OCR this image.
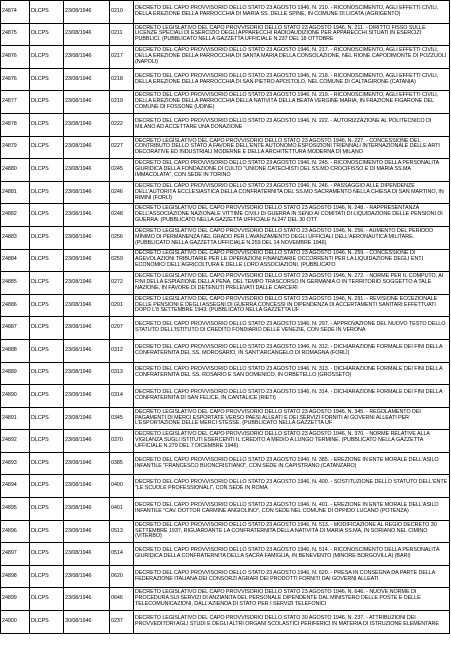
24874	DLCPS	23/08/1946	0210	DECRETO DEL CAPO PROVVISORIO DELLO STATO 23 AGOSTO 1946, N. 210. - RICONOSCIMENTO, AGLI EFFETTI CIVILI, DELLA EREZIONE DELLA PARROCCHIA DI MARIA SS. DELLE SPINE, IN COMUNE DI LICATA (AGRIGENTO)
24875	DLCPS	23/08/1946	0211	DECRETO LEGISLATIVO DEL CAPO PROVVISORIO DELLO STATO 23 AGOSTO 1946, N. 211. - DIRITTO FISSO SULLE LICENZE SPECIALI DI ESERCIZIO DEGLI APPARECCHI RADIOAUDIZIONE PER APPARECCHI SITUATI IN ESERCIZI PUBBLICI. (PUBBLICATO NELLA GAZZETTA UFFICIALE N.237 DEL 18 OTTOBRE
24876	DLCPS	23/08/1946	0217	DECRETO DEL CAPO PROVVISORIO DELLO STATO 23 AGOSTO 1946, N. 217. - RICONOSCIMENTO, AGLI EFFETTI CIVILI, DELLA EREZIONE DELLA PARROCCHIA DI SANTA MARIA DELLA CONSOLAZIONE, NEL RIONE CAPODIMONTE DI POZZUOLI (NAPOLI)
24876	DLCPS	23/08/1946	0218	DECRETO DEL CAPO PROVVISORIO DELLO STATO 23 AGOSTO 1946, N. 218. - RICONOSCIMENTO, AGLI EFFETTI CIVILI, DELLA EREZIONE DELLA PARROCCHIA DI SAN PIETRO APOSTOLO, NEL COMUNE DI CALTAGIRONE (CATANIA)
24877	DLCPS	23/08/1946	0219	DECRETO DEL CAPO PROVVISORIO DELLO STATO 23 AGOSTO 1946, N. 219. - RICONOSCIMENTO, AGLI EFFETTI CIVILI, DELLA EREZIONE DELLA PARROCCHIA DELLA NATIVITÀ DELLA BEATA VERGINE MARIA, IN FRAZIONE FIGARONE DEL COMUNE DI FOSSONE (UDINE)
24878	DLCPS	23/08/1946	0222	DECRETO DEL CAPO PROVVISORIO DELLO STATO 23 AGOSTO 1946, N. 222. - AUTORIZZAZIONE AL POLITECNICO DI MILANO AD ACCETTARE UNA DONAZIONE
24879	DLCPS	23/08/1946	0227	DECRETO LEGISLATIVO DEL CAPO PROVVISORIO DELLO STATO 23 AGOSTO 1946, N. 227. - CONCESSIONE DEL CONTRIBUTO DELLO STATO A FAVORE DELL'ENTE AUTONOMO ESPOSIZIONI TRIENNALI INTERNAZIONALE DELLE ARTI DECORATIVE ED INDUSTRIALI MODERNE E DELLA ARCHITETTURA MODERNA DI MILANO
24880	DLCPS	23/08/1946	0245	DECRETO DEL CAPO PROVVISORIO DELLO STATO 23 AGOSTO 1946, N. 245. - RICONOSCIMENTO DELLA PERSONALITA GIURIDICA DELLA FONDAZIONE DI CULTO "UNIONE CATECHISTI DEL SS.MO CROCIFISSO E DI MARIA SS.MA IMMACOLATA", CON SEDE IN TORINO
24881	DLCPS	23/08/1946	0246	DECRETO DEL CAPO PROVVISORIO DELLO STATO 23 AGOSTO 1946, N. 246. - PASSAGGIO ALLE DIPENDENZE DELL'AUTORITÀ ECCLESIASTICA DELLA CONFRATERNITA DEL SS.MO SACRAMENTO NELLA CHIESA DI SAN MARTINO, IN RIMINI (FORLÌ)
24882	DLCPS	23/08/1946	0248	DECRETO LEGISLATIVO DEL CAPO PROVVISORIO DELLO STATO 23 AGOSTO 1946, N. 248. - RAPPRESENTANZA DELL'ASSOCIAZIONE NAZIONALE VITTIME CIVILI DI GUERRA IN SENO AI COMITATI DI LIQUIDAZIONE DELLE PENSIONI DI GUERRA. (PUBBLICATO NELLA GAZZETTA UFFICIALE N.247 DEL 30 OTT
24883	DLCPS	23/08/1946	0256	DECRETO LEGISLATIVO DEL CAPO PROVVISORIO DELLO STATO 23 AGOSTO 1946, N. 256. - AUMENTO DEL PERIODO MINIMO DI PERMANENZA NEL GRADO PER L'AVANZAMENTO DEGLI UFFICIALI DELL'AERONAUTICA MILITARE. (PUBBLICATO NELLA GAZZETTA UFFICIALE N.259 DEL 14 NOVEMBRE 1946)
24884	DLCPS	23/08/1946	0259	DECRETO LEGISLATIVO DEL CAPO PROVVISORIO DELLO STATO 23 AGOSTO 1946, N. 259. - CONCESSIONE DI AGEVOLAZIONI TRIBUTARIE PER LE OPERAZIONI FINANZIARIE OCCORRENTI PER LA LIQUIDAZIONE DEGLI ENTI ECONOMICI DELL'AGRICOLTURA E DELLE LORO ASSOCIAZIONI. (PUBBLICATO
24885	DLCPS	23/08/1946	0272	DECRETO LEGISLATIVO DEL CAPO PROVVISORIO DELLO STATO 23 AGOSTO 1946, N. 272. - NORME PER IL COMPUTO, AI FINI DELLA ESPIAZIONE DELLA PENA, DEL TEMPO TRASCORSO IN GERMANIA O IN TERRITORIO SOGGETTO A TALE NAZIONE, IN FAVORE DI DETENUTI PRELEVATI DALLE CARCERI
24886	DLCPS	23/08/1946	0291	DECRETO LEGISLATIVO DEL CAPO PROVVISORIO DELLO STATO 23 AGOSTO 1946, N. 291. - REVISIONE ECCEZIONALE DELLE PENSIONI E DEGLI ASSEGNI DI GUERRA CONCESSI IN DIPENDENZA DI ACCERTAMENTI SANITARI EFFETTUATI DOPO L'8 SETTEMBRE 1943. (PUBBLICATO NELLA GAZZETTA UF
24887	DLCPS	23/08/1946	0297	DECRETO DEL CAPO PROVVISORIO DELLO STATO 23 AGOSTO 1946, N. 297. - APPROVAZIONE DEL NUOVO TESTO DELLO STATUTO DELL'ISTITUTO DI CREDITO FONDIARIO DELLE VENEZIE, CON SEDE IN VERONA
24888	DLCPS	23/08/1946	0312	DECRETO DEL CAPO PROVVISORIO DELLO STATO 23 AGOSTO 1946, N. 312. - DICHIARAZIONE FORMALE DEI FINI DELLA CONFRATERNITA DEL SS. MOROSARIO, IN SANT'ARCANGELO DI ROMAGNA (FORLÌ)
24889	DLCPS	23/08/1946	0313	DECRETO DEL CAPO PROVVISORIO DELLO STATO 23 AGOSTO 1946, N. 313. - DICHIARAZIONE FORMALE DEI FINI DELLA CONFRATERNITA DEL SS. ROSARIO E SAN DOMENICO, IN ORBETELLO (GROSSETO)
24890	DLCPS	23/08/1946	0314	DECRETO DEL CAPO PROVVISORIO DELLO STATO 23 AGOSTO 1946, N. 314. - DICHIARAZIONE FORMALE DEI FINI DELLA CONFRATERNITA DI SAN FELICE, IN CANTALICE (RIETI)
24891	DLCPS	23/08/1946	0345	DECRETO LEGISLATIVO DEL CAPO PROVVISORIO DELLO STATO 23 AGOSTO 1946, N. 345. - REGOLAMENTO DEI PAGAMENTI DI MERCI ESPORTATE VERSO PAESI ALLEATI E DEI SERVIZI FORNITI AI GOVERNI ALLEATI PER L'ESPORTAZIONE DELLE MERCI STESSE. (PUBBLICATO NELLA GAZZETTA UF
24892	DLCPS	23/08/1946	0370	DECRETO LEGISLATIVO DEL CAPO PROVVISORIO DELLO STATO 23 AGOSTO 1946, N. 370. - NORME RELATIVE ALLA VIGILANZA SUGLI ISTITUTI ESERCENTI IL CREDITO A MEDIO A LUNGO TERMINE. (PUBBLICATO NELLA GAZZETTA UFFICIALE N.279 DEL 7 DICEMBRE 1946)
24893	DLCPS	23/08/1946	0385	DECRETO DEL CAPO PROVVISORIO DELLO STATO 23 AGOSTO 1946, N. 385. - EREZIONE IN ENTE MORALE DELL'ASILO INFANTILE "FRANCESCO BUONCRISTIANO", CON SEDE IN CAPISTRANO (CATANZARO)
24894	DLCPS	23/08/1946	0400	DECRETO DEL CAPO PROVVISORIO DELLO STATO 23 AGOSTO 1946, N. 400. - SOSTITUZIONE DELLO STATUTO DELL'ENTE "LE SCUOLE PROFESSIONALI", CON SEDE IN ROMA
24895	DLCPS	23/08/1946	0401	DECRETO DEL CAPO PROVVISORIO DELLO STATO 23 AGOSTO 1946, N. 401. - EREZIONE IN ENTE MORALE DELL'ASILO INFANTILE "CAV. DOTTOR CARMINE ANGIOLINO", CON SEDE NEL COMUNE DI OPPIDO LUCANO (POTENZA)
24896	DLCPS	23/08/1946	0513	DECRETO DEL CAPO PROVVISORIO DELLO STATO 23 AGOSTO 1946, N. 513. - MODIFICAZIONE AL REGIO DECRETO 30 SETTEMBRE 1937, RIGUARDANTE LA CONFRATERNITA DELLA NATIVITÀ DI MARIA SS.MA, IN SORIANO NEL CIMINO (VITERBO)
24897	DLCPS	23/08/1946	0514	DECRETO DEL CAPO PROVVISORIO DELLO STATO 23 AGOSTO 1946, N. 514. - RICONOSCIMENTO DELLA PERSONALITÀ GIURIDICA DELLA CONFRATERNITA DELLA SACRA FAMIGLIA, IN BENEVENTO (MINORE BORGOVILLA) (BARI)
24898	DLCPS	23/08/1946	0620	DECRETO DEL CAPO PROVVISORIO DELLO STATO 23 AGOSTO 1946, N. 620. - PRESA IN CONSEGNA DA PARTE DELLA FEDERAZIONE ITALIANA DEI CONSORZI AGRARI DEI PRODOTTI FORNITI DAI GOVERNI ALLEATI
24899	DLCPS	23/08/1946	0646	DECRETO LEGISLATIVO DEL CAPO PROVVISORIO DELLO STATO 23 AGOSTO 1946, N. 646. - NUOVE NORME DI PROCEDURA SUI SERVIZI DI ANZIANITA DEL PERSONALE DIPENDENTE DAL MINISTERO DELLE POSTE E DELLE TELECOMUNICAZIONI, DALL'AZIENDA DI STATO PER I SERVIZI TELEFONICI
24900	DLCPS	30/08/1946	0237	DECRETO LEGISLATIVO DEL CAPO PROVVISORIO DELLO STATO 30 AGOSTO 1946, N. 237. - ATTRIBUZIONI DEI PROVVEDITORI AGLI STUDI E DEGLI ALTRI ORGANI SCOLASTICI PERIFERICI IN MATERIA DI ISTRUZIONE ELEMENTARE
